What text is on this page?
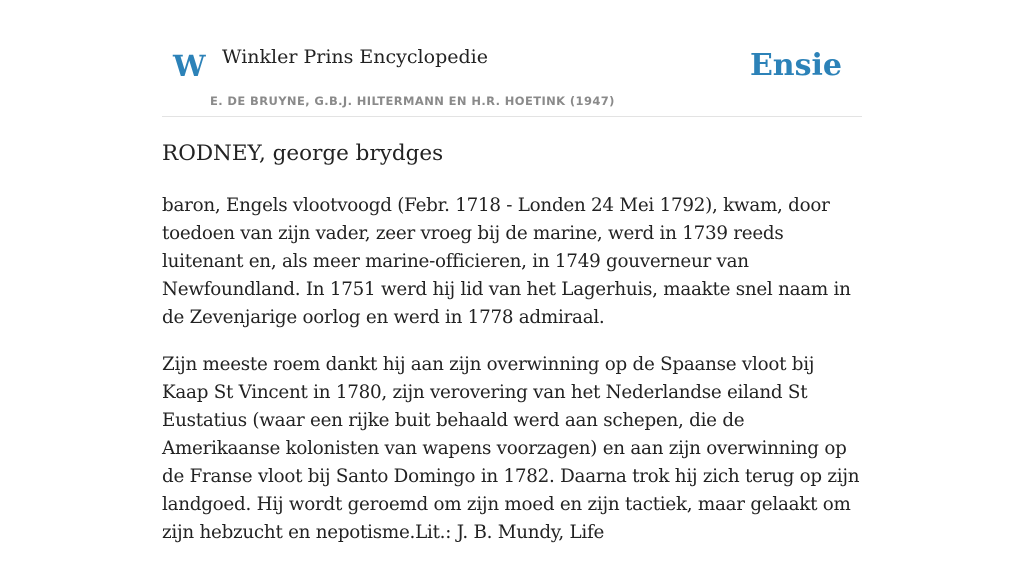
W Winkler Prins Encyclopedie
E. DE BRUYNE, G.B.J. HILTERMANN EN H.R. HOETINK (1947)
Ensie
RODNEY, george brydges

baron, Engels vlootvoogd (Febr. 1718 - Londen 24 Mei 1792), kwam, door toedoen van zijn vader, zeer vroeg bij de marine, werd in 1739 reeds luitenant en, als meer marine-officieren, in 1749 gouverneur van Newfoundland. In 1751 werd hij lid van het Lagerhuis, maakte snel naam in de Zevenjarige oorlog en werd in 1778 admiraal.

Zijn meeste roem dankt hij aan zijn overwinning op de Spaanse vloot bij Kaap St Vincent in 1780, zijn verovering van het Nederlandse eiland St Eustatius (waar een rijke buit behaald werd aan schepen, die de Amerikaanse kolonisten van wapens voorzagen) en aan zijn overwinning op de Franse vloot bij Santo Domingo in 1782. Daarna trok hij zich terug op zijn landgoed. Hij wordt geroemd om zijn moed en zijn tactiek, maar gelaakt om zijn hebzucht en nepotisme.Lit.: J. B. Mundy, Life
